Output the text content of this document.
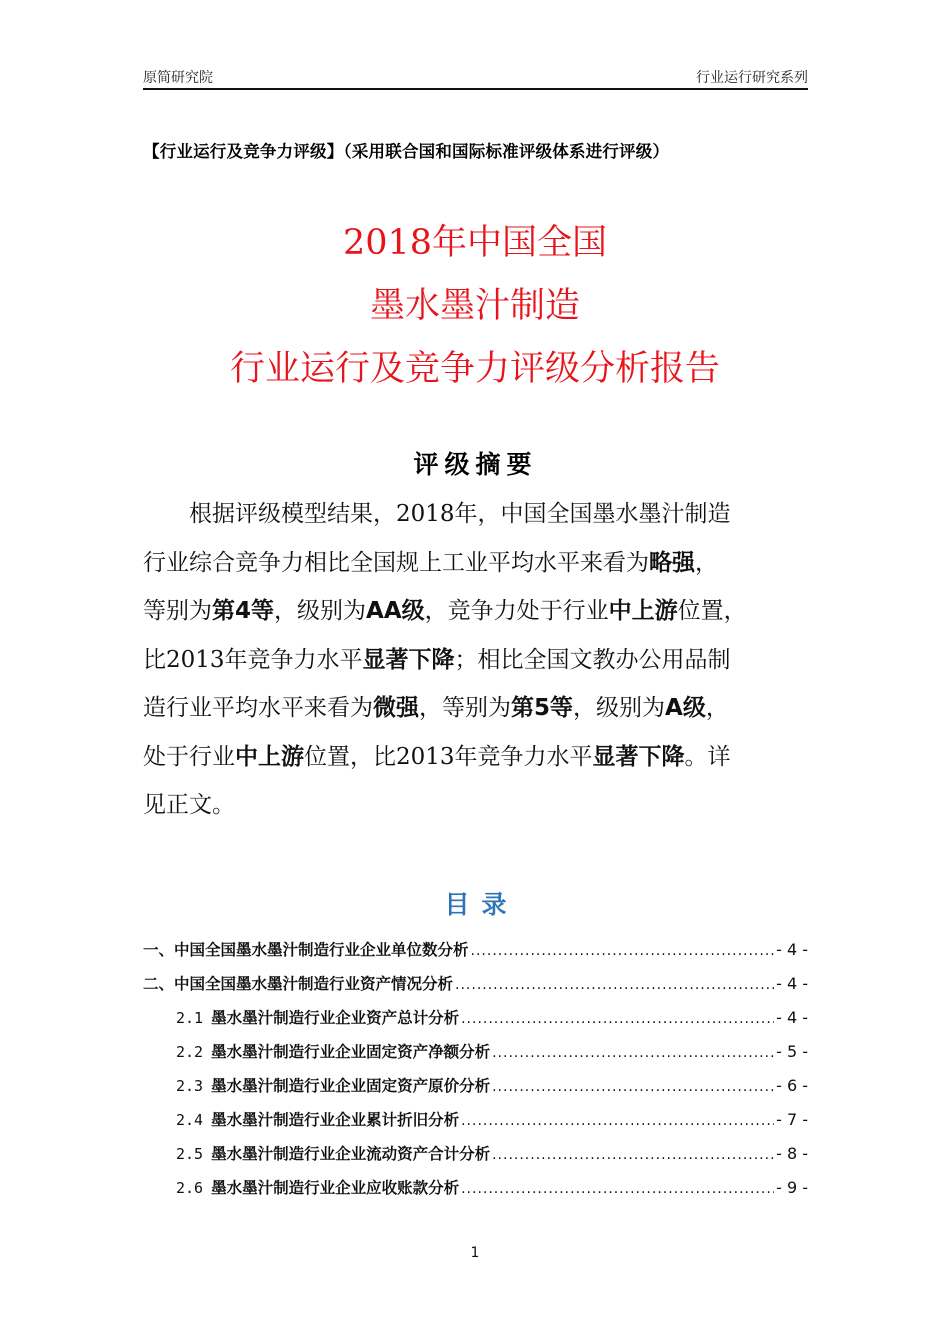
原简研究院	行业运行研究系列
【行业运行及竞争力评级】（采用联合国和国际标准评级体系进行评级）
2018年中国全国
墨水墨汁制造
行业运行及竞争力评级分析报告
评级摘要
根据评级模型结果，2018年，中国全国墨水墨汁制造
行业综合竞争力相比全国规上工业平均水平来看为略强，
等别为第4等，级别为AA级，竞争力处于行业中上游位置，
比2013年竞争力水平显著下降；相比全国文教办公用品制
造行业平均水平来看为微强，等别为第5等，级别为A级，
处于行业中上游位置，比2013年竞争力水平显著下降。详
见正文。
目录
一、中国全国墨水墨汁制造行业企业单位数分析 .....	- 4 -
二、中国全国墨水墨汁制造行业资产情况分析 .....	- 4 -
2.1 墨水墨汁制造行业企业资产总计分析 .....	- 4 -
2.2 墨水墨汁制造行业企业固定资产净额分析 .....	- 5 -
2.3 墨水墨汁制造行业企业固定资产原价分析 .....	- 6 -
2.4 墨水墨汁制造行业企业累计折旧分析 .....	- 7 -
2.5 墨水墨汁制造行业企业流动资产合计分析 .....	- 8 -
2.6 墨水墨汁制造行业企业应收账款分析 .....	- 9 -
1
